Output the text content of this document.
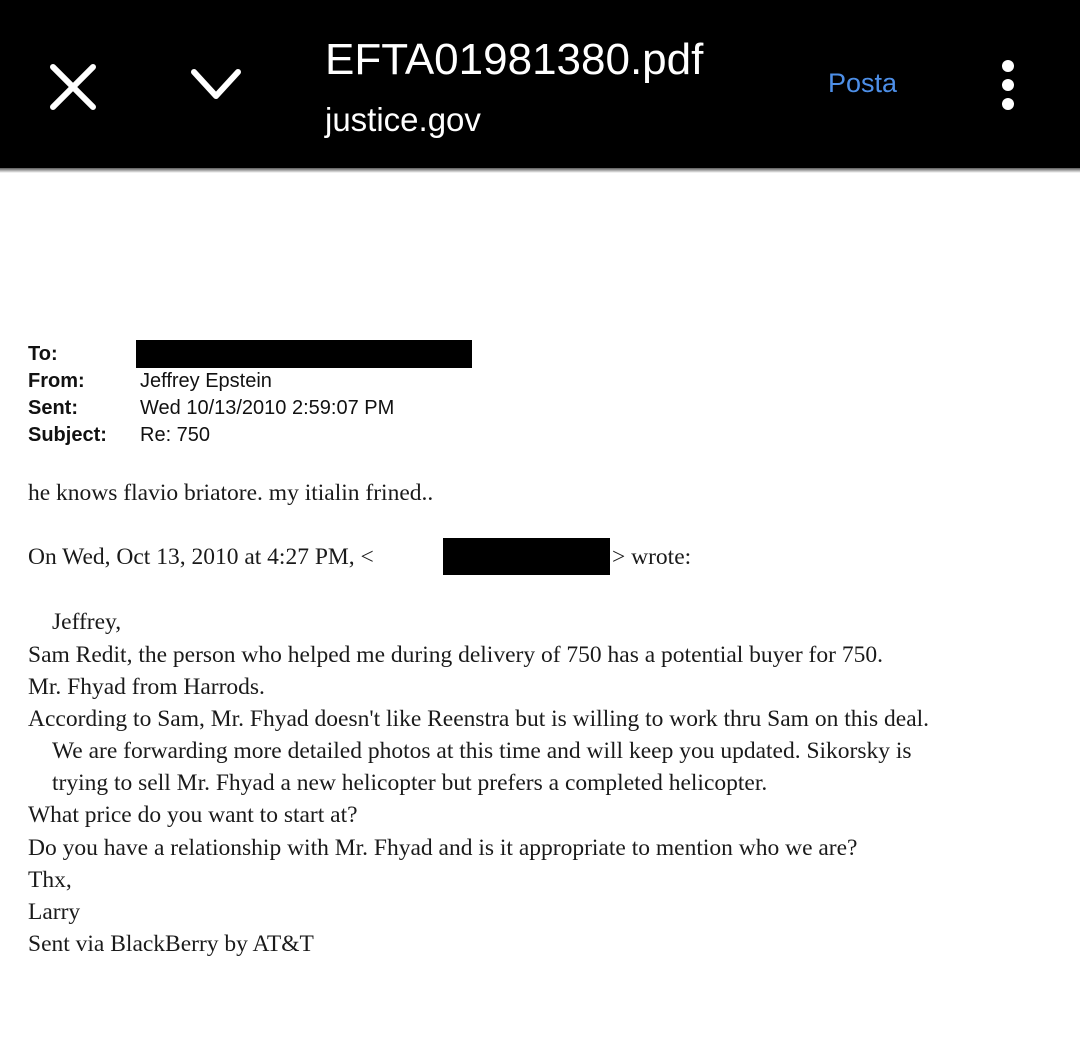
EFTA01981380.pdf
justice.gov
Posta
To:
From:	Jeffrey Epstein
Sent:	Wed 10/13/2010 2:59:07 PM
Subject: Re: 750
he knows flavio briatore. my itialin frined..
On Wed, Oct 13, 2010 at 4:27 PM, <	> wrote:
Jeffrey,
Sam Redit, the person who helped me during delivery of 750 has a potential buyer for 750.
Mr. Fhyad from Harrods.
According to Sam, Mr. Fhyad doesn't like Reenstra but is willing to work thru Sam on this deal.
We are forwarding more detailed photos at this time and will keep you updated. Sikorsky is
trying to sell Mr. Fhyad a new helicopter but prefers a completed helicopter.
What price do you want to start at?
Do you have a relationship with Mr. Fhyad and is it appropriate to mention who we are?
Thx,
Larry
Sent via BlackBerry by AT&T
